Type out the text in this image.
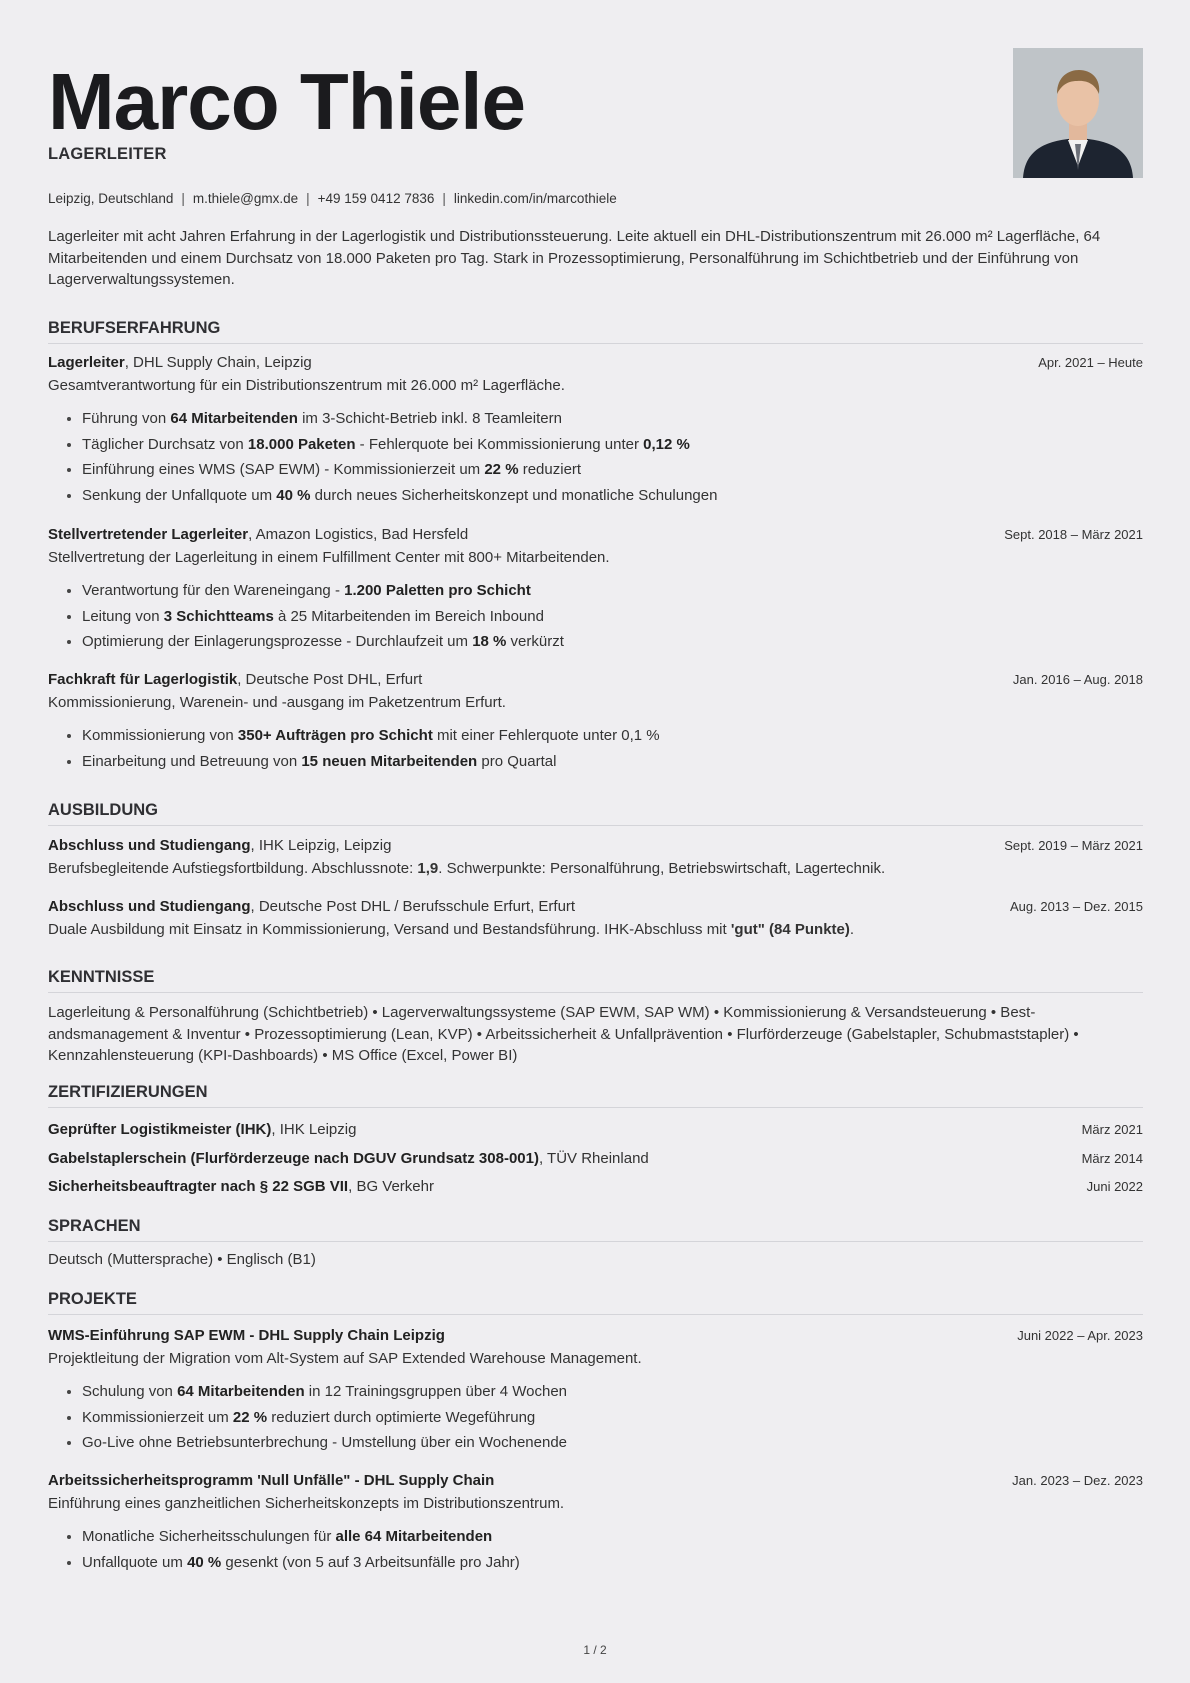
Marco Thiele
LAGERLEITER
Leipzig, Deutschland | m.thiele@gmx.de | +49 159 0412 7836 | linkedin.com/in/marcothiele

Lagerleiter mit acht Jahren Erfahrung in der Lagerlogistik und Distributionssteuerung. Leite aktuell ein DHL-Distributionszentrum mit 26.000 m² Lagerfläche, 64 Mitarbeitenden und einem Durchsatz von 18.000 Paketen pro Tag. Stark in Prozessoptimierung, Personalführung im Schichtbetrieb und der Einführung von Lagerverwaltungssystemen.

BERUFSERFAHRUNG
Lagerleiter, DHL Supply Chain, Leipzig	Apr. 2021 – Heute

Gesamtverantwortung für ein Distributionszentrum mit 26.000 m² Lagerfläche.

Führung von 64 Mitarbeitenden im 3-Schicht-Betrieb inkl. 8 Teamleitern
Täglicher Durchsatz von 18.000 Paketen - Fehlerquote bei Kommissionierung unter 0,12 %
Einführung eines WMS (SAP EWM) - Kommissionierzeit um 22 % reduziert
Senkung der Unfallquote um 40 % durch neues Sicherheitskonzept und monatliche Schulungen
Stellvertretender Lagerleiter, Amazon Logistics, Bad Hersfeld	Sept. 2018 – März 2021

Stellvertretung der Lagerleitung in einem Fulfillment Center mit 800+ Mitarbeitenden.

Verantwortung für den Wareneingang - 1.200 Paletten pro Schicht
Leitung von 3 Schichtteams à 25 Mitarbeitenden im Bereich Inbound
Optimierung der Einlagerungsprozesse - Durchlaufzeit um 18 % verkürzt
Fachkraft für Lagerlogistik, Deutsche Post DHL, Erfurt	Jan. 2016 – Aug. 2018

Kommissionierung, Warenein- und -ausgang im Paketzentrum Erfurt.

Kommissionierung von 350+ Aufträgen pro Schicht mit einer Fehlerquote unter 0,1 %
Einarbeitung und Betreuung von 15 neuen Mitarbeitenden pro Quartal
AUSBILDUNG
Abschluss und Studiengang, IHK Leipzig, Leipzig	Sept. 2019 – März 2021

Berufsbegleitende Aufstiegsfortbildung. Abschlussnote: 1,9. Schwerpunkte: Personalführung, Betriebswirtschaft, Lagertechnik.

Abschluss und Studiengang, Deutsche Post DHL / Berufsschule Erfurt, Erfurt	Aug. 2013 – Dez. 2015

Duale Ausbildung mit Einsatz in Kommissionierung, Versand und Bestandsführung. IHK-Abschluss mit 'gut" (84 Punkte).

KENNTNISSE

Lagerleitung & Personalführung (Schichtbetrieb) • Lagerverwaltungssysteme (SAP EWM, SAP WM) • Kommissionierung & Versandsteuerung • Bestandsmanagement & Inventur • Prozessoptimierung (Lean, KVP) • Arbeitssicherheit & Unfallprävention • Flurförderzeuge (Gabelstapler, Schubmaststapler) • Kennzahlensteuerung (KPI-Dashboards) • MS Office (Excel, Power BI)

ZERTIFIZIERUNGEN
Geprüfter Logistikmeister (IHK), IHK Leipzig	März 2021
Gabelstaplerschein (Flurförderzeuge nach DGUV Grundsatz 308-001), TÜV Rheinland	März 2014
Sicherheitsbeauftragter nach § 22 SGB VII, BG Verkehr	Juni 2022
SPRACHEN
Deutsch (Muttersprache) • Englisch (B1)
PROJEKTE
WMS-Einführung SAP EWM - DHL Supply Chain Leipzig	Juni 2022 – Apr. 2023

Projektleitung der Migration vom Alt-System auf SAP Extended Warehouse Management.

Schulung von 64 Mitarbeitenden in 12 Trainingsgruppen über 4 Wochen
Kommissionierzeit um 22 % reduziert durch optimierte Wegeführung
Go-Live ohne Betriebsunterbrechung - Umstellung über ein Wochenende
Arbeitssicherheitsprogramm 'Null Unfälle" - DHL Supply Chain	Jan. 2023 – Dez. 2023

Einführung eines ganzheitlichen Sicherheitskonzepts im Distributionszentrum.

Monatliche Sicherheitsschulungen für alle 64 Mitarbeitenden
Unfallquote um 40 % gesenkt (von 5 auf 3 Arbeitsunfälle pro Jahr)
1 / 2
